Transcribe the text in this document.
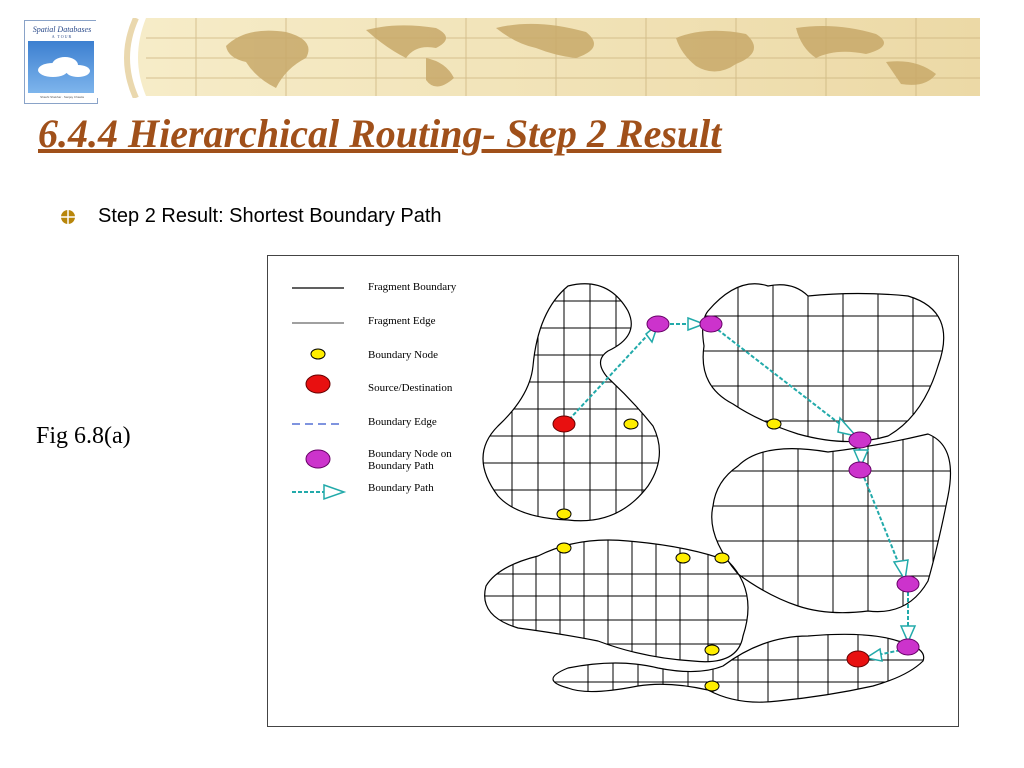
Spatial Databases
A TOUR
Shashi Shekhar · Sanjay Chawla
6.4.4 Hierarchical Routing- Step 2 Result
Step 2 Result: Shortest Boundary Path
Fig 6.8(a)
Fragment Boundary
Fragment Edge
Boundary Node
Source/Destination
Boundary Edge
Boundary Node on
Boundary Path
Boundary Path
